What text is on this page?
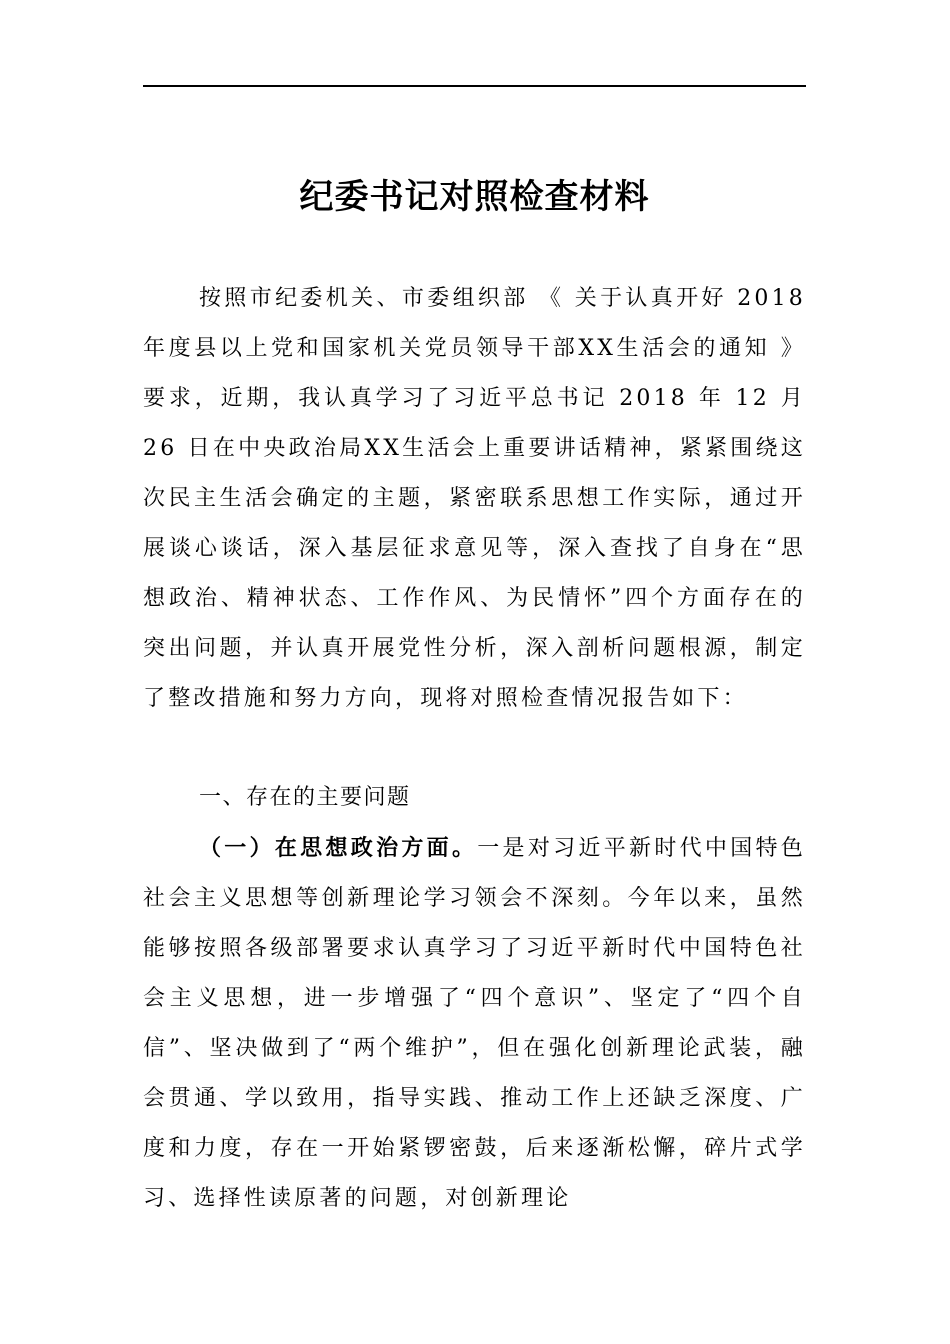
纪委书记对照检查材料

按照市纪委机关、市委组织部 《 关于认真开好 2018 年度县以上党和国家机关党员领导干部XX生活会的通知 》要求，近期，我认真学习了习近平总书记 2018 年 12 月 26 日在中央政治局XX生活会上重要讲话精神，紧紧围绕这次民主生活会确定的主题，紧密联系思想工作实际，通过开展谈心谈话，深入基层征求意见等，深入查找了自身在“思想政治、精神状态、工作作风、为民情怀”四个方面存在的突出问题，并认真开展党性分析，深入剖析问题根源，制定了整改措施和努力方向，现将对照检查情况报告如下：

一、存在的主要问题

（一）在思想政治方面。一是对习近平新时代中国特色社会主义思想等创新理论学习领会不深刻。今年以来，虽然能够按照各级部署要求认真学习了习近平新时代中国特色社会主义思想，进一步增强了“四个意识”、坚定了“四个自信”、坚决做到了“两个维护”，但在强化创新理论武装，融会贯通、学以致用，指导实践、推动工作上还缺乏深度、广度和力度，存在一开始紧锣密鼓，后来逐渐松懈，碎片式学习、选择性读原著的问题，对创新理论
